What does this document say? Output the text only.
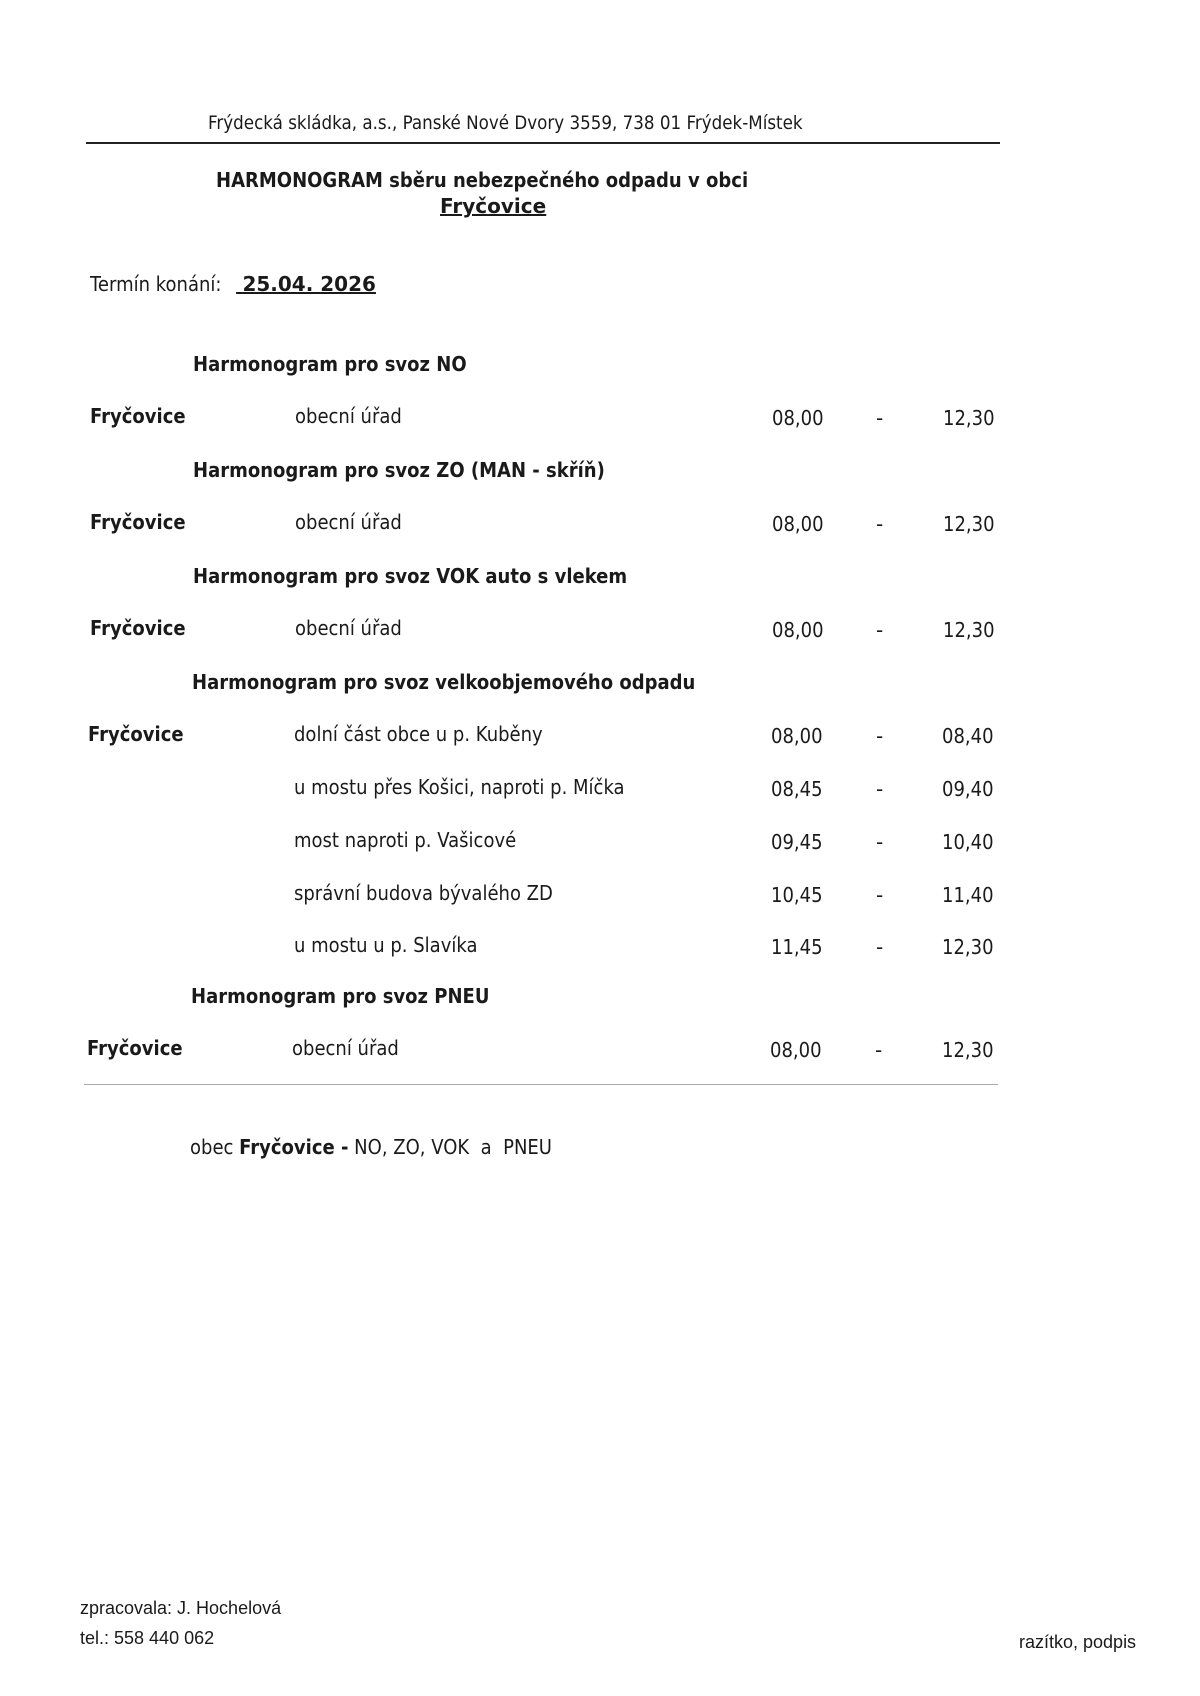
Frýdecká skládka, a.s., Panské Nové Dvory 3559, 738 01 Frýdek-Místek
HARMONOGRAM sběru nebezpečného odpadu v obci
Fryčovice
Termín konání: 25.04. 2026
Harmonogram pro svoz NO
Fryčovice	obecní úřad	08,00	-	12,30
Harmonogram pro svoz ZO (MAN - skříň)
Fryčovice	obecní úřad	08,00	-	12,30
Harmonogram pro svoz VOK auto s vlekem
Fryčovice	obecní úřad	08,00	-	12,30
Harmonogram pro svoz velkoobjemového odpadu
Fryčovice	dolní část obce u p. Kuběny	08,00	-	08,40
u mostu přes Košici, naproti p. Míčka	08,45	-	09,40
most naproti p. Vašicové	09,45	-	10,40
správní budova bývalého ZD	10,45	-	11,40
u mostu u p. Slavíka	11,45	-	12,30
Harmonogram pro svoz PNEU
Fryčovice	obecní úřad	08,00	-	12,30
obec Fryčovice - NO, ZO, VOK  a  PNEU
zpracovala: J. Hochelová
tel.: 558 440 062	razítko, podpis
